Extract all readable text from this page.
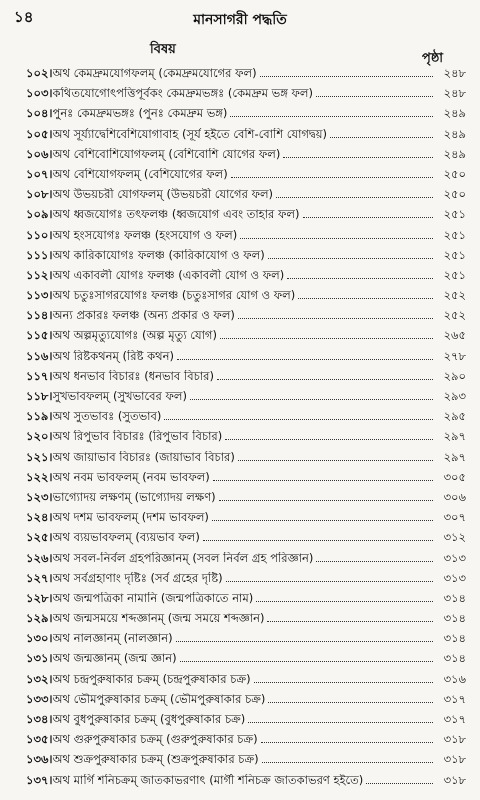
১৪	মানসাগরী পদ্ধতি
বিষয়
পৃষ্ঠা
১০২। অথ কেমদ্রুমযোগফলম্ (কেমদ্রুমযোগের ফল)	২৪৮
১০৩। কথিতযোগোৎপত্তিপূর্বকং কেমদ্রুমভঙ্গঃ (কেমদ্রুম ভঙ্গ ফল)	২৪৮
১০৪। পুনঃ কেমদ্রুমভঙ্গঃ (পুনঃ কেমদ্রুম ভঙ্গ)	২৪৯
১০৫। অথ সূর্য্যাদ্বেশিবেশিযোগাবাহ (সূর্য হইতে বেশি-বোশি যোগদ্বয়)	২৪৯
১০৬। অথ বেশিবোশিযোগফলম্ (বেশিবোশি যোগের ফল)	২৪৯
১০৭। অথ বেশিযোগফলম্ (বেশিযোগের ফল)	২৫০
১০৮। অথ উভয়চরী যোগফলম্ (উভয়চরী যোগের ফল)	২৫০
১০৯। অথ ধ্বজযোগঃ তৎফলঞ্চ (ধ্বজযোগ এবং তাহার ফল)	২৫১
১১০। অথ হংসযোগঃ ফলঞ্চ (হংসযোগ ও ফল)	২৫১
১১১। অথ কারিকাযোগঃ ফলঞ্চ (কারিকাযোগ ও ফল)	২৫১
১১২। অথ একাবলী যোগঃ ফলঞ্চ (একাবলী যোগ ও ফল)	২৫১
১১৩। অথ চতুঃসাগরযোগঃ ফলঞ্চ (চতুঃসাগর যোগ ও ফল)	২৫২
১১৪। অন্য প্রকারঃ ফলঞ্চ (অন্য প্রকার ও ফল)	২৫২
১১৫। অথ অল্পমৃত্যুযোগঃ (অল্প মৃত্যু যোগ)	২৬৫
১১৬। অথ রিষ্টকথনম্ (রিষ্ট কথন)	২৭৮
১১৭। অথ ধনভাব বিচারঃ (ধনভাব বিচার)	২৯০
১১৮। সুখভাবফলম্ (সুখভাবের ফল)	২৯৩
১১৯। অথ সুতভাবঃ (সুতভাব)	২৯৫
১২০। অথ রিপুভাব বিচারঃ (রিপুভাব বিচার)	২৯৭
১২১। অথ জায়াভাব বিচারঃ (জায়াভাব বিচার)	২৯৭
১২২। অথ নবম ভাবফলম্ (নবম ভাবফল)	৩০৫
১২৩। ভাগ্যোদয় লক্ষণম্ (ভাগ্যোদয় লক্ষণ)	৩০৬
১২৪। অথ দশম ভাবফলম্ (দশম ভাবফল)	৩০৭
১২৫। অথ ব্যয়ভাবফলম্ (ব্যয়ভাব ফল)	৩১২
১২৬। অথ সবল-নির্বল গ্রহপরিজ্ঞানম্ (সবল নির্বল গ্রহ পরিজ্ঞান)	৩১৩
১২৭। অথ সর্বগ্রহাণাং দৃষ্টিঃ (সর্ব গ্রহের দৃষ্টি)	৩১৩
১২৮। অথ জন্মপত্রিকা নামানি (জন্মপত্রিকাতে নাম)	৩১৪
১২৯। অথ জন্মসময়ে শব্দজ্ঞানম্ (জন্ম সময়ে শব্দজ্ঞান)	৩১৪
১৩০। অথ নালজ্ঞানম্ (নালজ্ঞান)	৩১৪
১৩১। অথ জন্মজ্ঞানম্ (জন্ম জ্ঞান)	৩১৪
১৩২। অথ চন্দ্রপুরুষাকার চক্রম্ (চন্দ্রপুরুষাকার চক্র)	৩১৬
১৩৩। অথ ভৌমপুরুষাকার চক্রম্ (ভৌমপুরুষাকার চক্র)	৩১৭
১৩৪। অথ বুধপুরুষাকার চক্রম্ (বুধপুরুষাকার চক্র)	৩১৭
১৩৫। অথ গুরুপুরুষাকার চক্রম্ (গুরুপুরুষাকার চক্র)	৩১৮
১৩৬। অথ শুক্রপুরুষাকার চক্রম্ (শুক্রপুরুষাকার চক্র)	৩১৮
১৩৭। অথ মার্গি শনিচক্রম্ জাতকাভরণাৎ (মার্গী শনিচক্র জাতকাভরণ হইতে)	৩১৮
